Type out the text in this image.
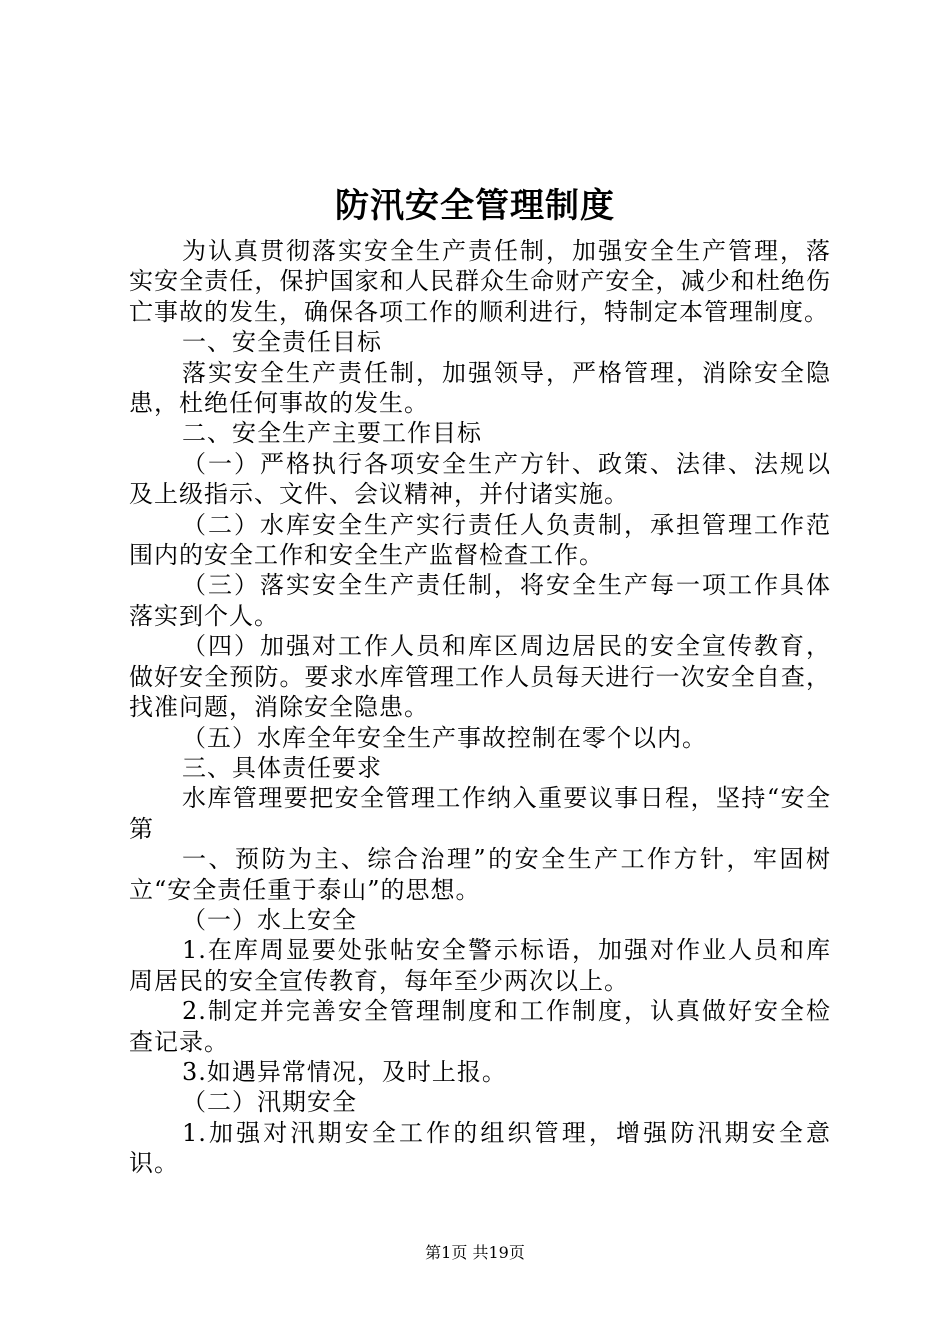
防汛安全管理制度

为认真贯彻落实安全生产责任制，加强安全生产管理，落实安全责任，保护国家和人民群众生命财产安全，减少和杜绝伤亡事故的发生，确保各项工作的顺利进行，特制定本管理制度。

一、安全责任目标

落实安全生产责任制，加强领导，严格管理，消除安全隐患，杜绝任何事故的发生。

二、安全生产主要工作目标

（一）严格执行各项安全生产方针、政策、法律、法规以及上级指示、文件、会议精神，并付诸实施。

（二）水库安全生产实行责任人负责制，承担管理工作范围内的安全工作和安全生产监督检查工作。

（三）落实安全生产责任制，将安全生产每一项工作具体落实到个人。

（四）加强对工作人员和库区周边居民的安全宣传教育，做好安全预防。要求水库管理工作人员每天进行一次安全自查，找准问题，消除安全隐患。

（五）水库全年安全生产事故控制在零个以内。

三、具体责任要求

水库管理要把安全管理工作纳入重要议事日程，坚持“安全第

一、预防为主、综合治理”的安全生产工作方针，牢固树立“安全责任重于泰山”的思想。

（一）水上安全

1.在库周显要处张帖安全警示标语，加强对作业人员和库周居民的安全宣传教育，每年至少两次以上。

2.制定并完善安全管理制度和工作制度，认真做好安全检查记录。

3.如遇异常情况，及时上报。

（二）汛期安全

1.加强对汛期安全工作的组织管理，增强防汛期安全意识。

第1页 共19页
